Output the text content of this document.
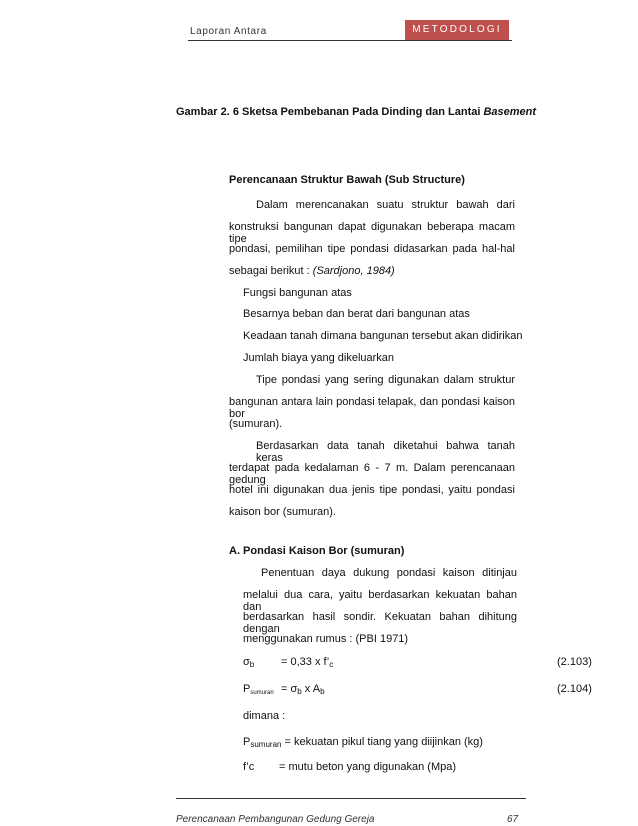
Laporan Antara	METODOLOGI
Gambar 2. 6 Sketsa Pembebanan Pada Dinding dan Lantai Basement
Perencanaan Struktur Bawah (Sub Structure)
Dalam merencanakan suatu struktur bawah dari
konstruksi bangunan dapat digunakan beberapa macam tipe
pondasi, pemilihan tipe pondasi didasarkan pada hal-hal
sebagai berikut : (Sardjono, 1984)
Fungsi bangunan atas
Besarnya beban dan berat dari bangunan atas
Keadaan tanah dimana bangunan tersebut akan didirikan
Jumlah biaya yang dikeluarkan
Tipe pondasi yang sering digunakan dalam struktur
bangunan antara lain pondasi telapak, dan pondasi kaison bor
(sumuran).
Berdasarkan data tanah diketahui bahwa tanah keras
terdapat pada kedalaman 6 - 7 m. Dalam perencanaan gedung
hotel ini digunakan dua jenis tipe pondasi, yaitu pondasi
kaison bor (sumuran).
A. Pondasi Kaison Bor (sumuran)
Penentuan daya dukung pondasi kaison ditinjau
melalui dua cara, yaitu berdasarkan kekuatan bahan dan
berdasarkan hasil sondir. Kekuatan bahan dihitung dengan
menggunakan rumus : (PBI 1971)
$\sigma_b = 0,33$ x $f’_c$	(2.103)
$P_{sumuran} = \sigma_b$ x $A_b$	(2.104)
dimana :
$P_{sumuran}$ = kekuatan pikul tiang yang diijinkan (kg)
f’c = mutu beton yang digunakan (Mpa)
Perencanaan Pembangunan Gedung Gereja	67
